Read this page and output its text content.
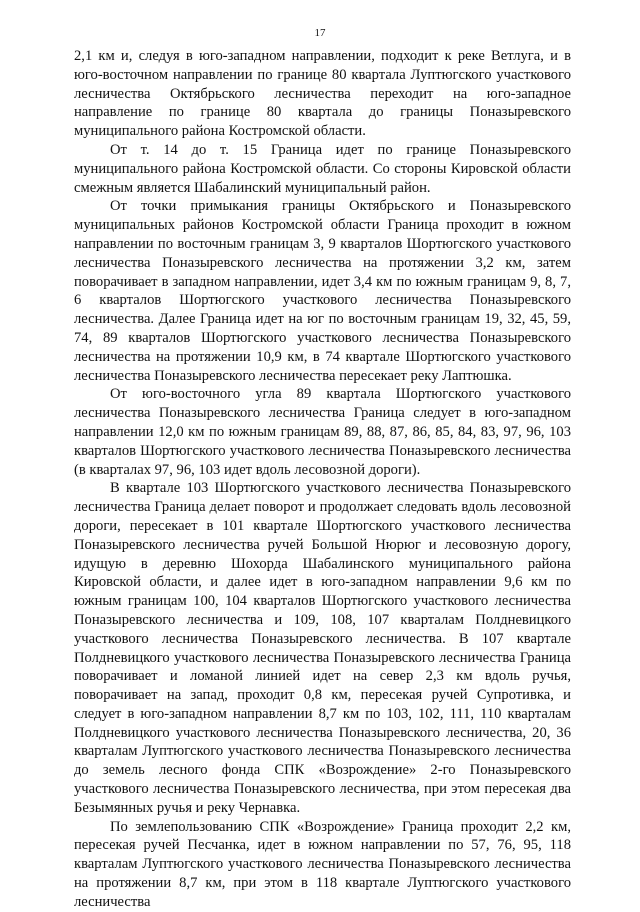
17

2,1 км и, следуя в юго-западном направлении, подходит к реке Ветлуга, и в юго-восточном направлении по границе 80 квартала Луптюгского участкового лесничества Октябрьского лесничества переходит на юго-западное направление по границе 80 квартала до границы Поназыревского муниципального района Костромской области.

От т. 14 до т. 15 Граница идет по границе Поназыревского муниципального района Костромской области. Со стороны Кировской области смежным является Шабалинский муниципальный район.

От точки примыкания границы Октябрьского и Поназыревского муниципальных районов Костромской области Граница проходит в южном направлении по восточным границам 3, 9 кварталов Шортюгского участкового лесничества Поназыревского лесничества на протяжении 3,2 км, затем поворачивает в западном направлении, идет 3,4 км по южным границам 9, 8, 7, 6 кварталов Шортюгского участкового лесничества Поназыревского лесничества. Далее Граница идет на юг по восточным границам 19, 32, 45, 59, 74, 89 кварталов Шортюгского участкового лесничества Поназыревского лесничества на протяжении 10,9 км, в 74 квартале Шортюгского участкового лесничества Поназыревского лесничества пересекает реку Лаптюшка.

От юго-восточного угла 89 квартала Шортюгского участкового лесничества Поназыревского лесничества Граница следует в юго-западном направлении 12,0 км по южным границам 89, 88, 87, 86, 85, 84, 83, 97, 96, 103 кварталов Шортюгского участкового лесничества Поназыревского лесничества (в кварталах 97, 96, 103 идет вдоль лесовозной дороги).

В квартале 103 Шортюгского участкового лесничества Поназыревского лесничества Граница делает поворот и продолжает следовать вдоль лесовозной дороги, пересекает в 101 квартале Шортюгского участкового лесничества Поназыревского лесничества ручей Большой Нюрюг и лесовозную дорогу, идущую в деревню Шохорда Шабалинского муниципального района Кировской области, и далее идет в юго-западном направлении 9,6 км по южным границам 100, 104 кварталов Шортюгского участкового лесничества Поназыревского лесничества и 109, 108, 107 кварталам Полдневицкого участкового лесничества Поназыревского лесничества. В 107 квартале Полдневицкого участкового лесничества Поназыревского лесничества Граница поворачивает и ломаной линией идет на север 2,3 км вдоль ручья, поворачивает на запад, проходит 0,8 км, пересекая ручей Супротивка, и следует в юго-западном направлении 8,7 км по 103, 102, 111, 110 кварталам Полдневицкого участкового лесничества Поназыревского лесничества, 20, 36 кварталам Луптюгского участкового лесничества Поназыревского лесничества до земель лесного фонда СПК «Возрождение» 2-го Поназыревского участкового лесничества Поназыревского лесничества, при этом пересекая два Безымянных ручья и реку Чернавка.

По землепользованию СПК «Возрождение» Граница проходит 2,2 км, пересекая ручей Песчанка, идет в южном направлении по 57, 76, 95, 118 кварталам Луптюгского участкового лесничества Поназыревского лесничества на протяжении 8,7 км, при этом в 118 квартале Луптюгского участкового лесничества
